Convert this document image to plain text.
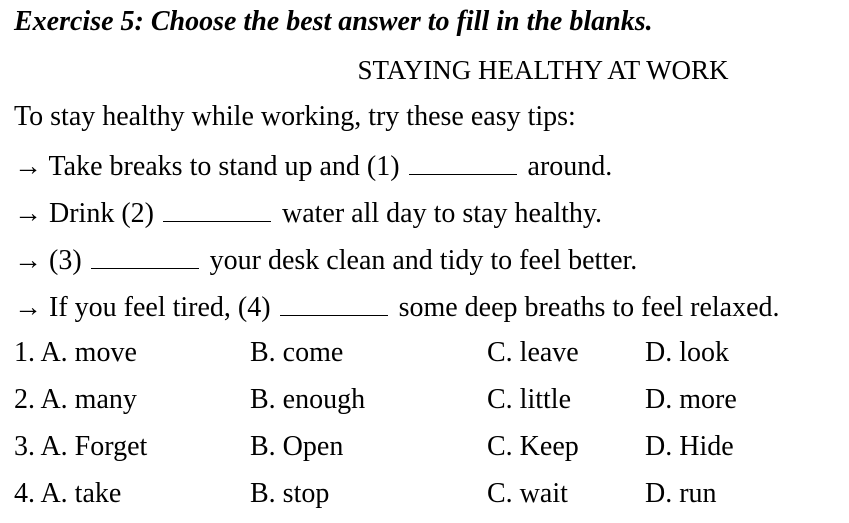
Exercise 5: Choose the best answer to fill in the blanks.
STAYING HEALTHY AT WORK
To stay healthy while working, try these easy tips:
→ Take breaks to stand up and (1)	around.
→ Drink (2)	water all day to stay healthy.
→ (3)	your desk clean and tidy to feel better.
→ If you feel tired, (4)	some deep breaths to feel relaxed.
1. A. move	B. come	C. leave D. look
2. A. many	B. enough	C. little	D. more
3. A. Forget	B. Open	C. Keep D. Hide
4. A. take	B. stop	C. wait	D. run
